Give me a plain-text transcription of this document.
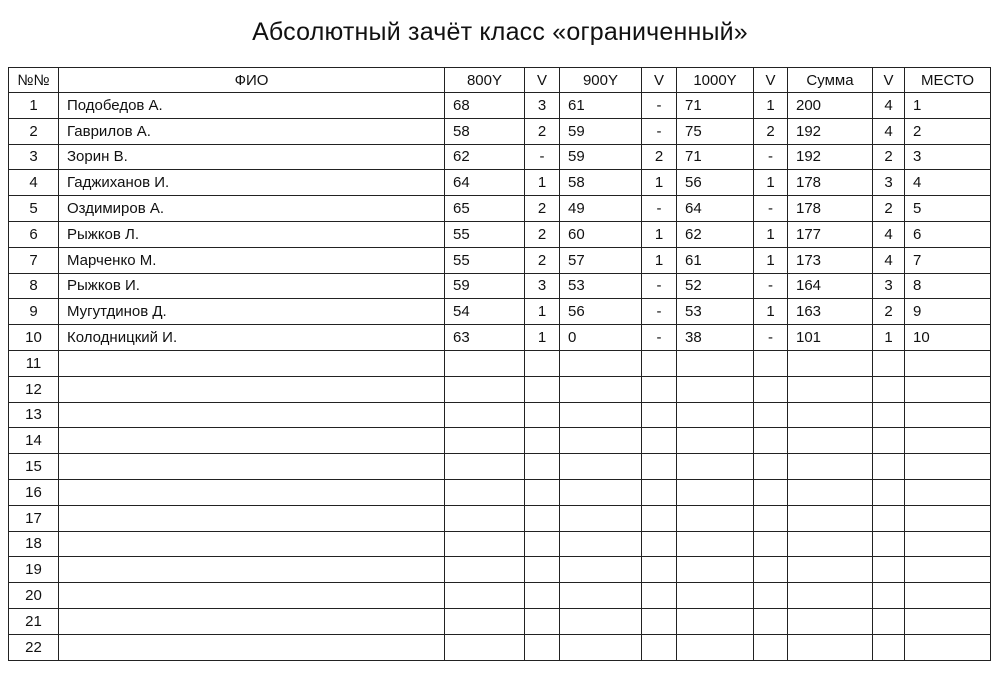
Абсолютный зачёт класс «ограниченный»
№№	ФИО	800Y	V	900Y	V	1000Y	V	Сумма	V	МЕСТО
1	Подобедов А.	68	3	61	-	71	1	200	4	1
2	Гаврилов А.	58	2	59	-	75	2	192	4	2
3	Зорин В.	62	-	59	2	71	-	192	2	3
4	Гаджиханов И.	64	1	58	1	56	1	178	3	4
5	Оздимиров А.	65	2	49	-	64	-	178	2	5
6	Рыжков Л.	55	2	60	1	62	1	177	4	6
7	Марченко М.	55	2	57	1	61	1	173	4	7
8	Рыжков И.	59	3	53	-	52	-	164	3	8
9	Мугутдинов Д.	54	1	56	-	53	1	163	2	9
10	Колодницкий И.	63	1	0	-	38	-	101	1	10
11										
12										
13										
14										
15										
16										
17										
18										
19										
20										
21										
22										
